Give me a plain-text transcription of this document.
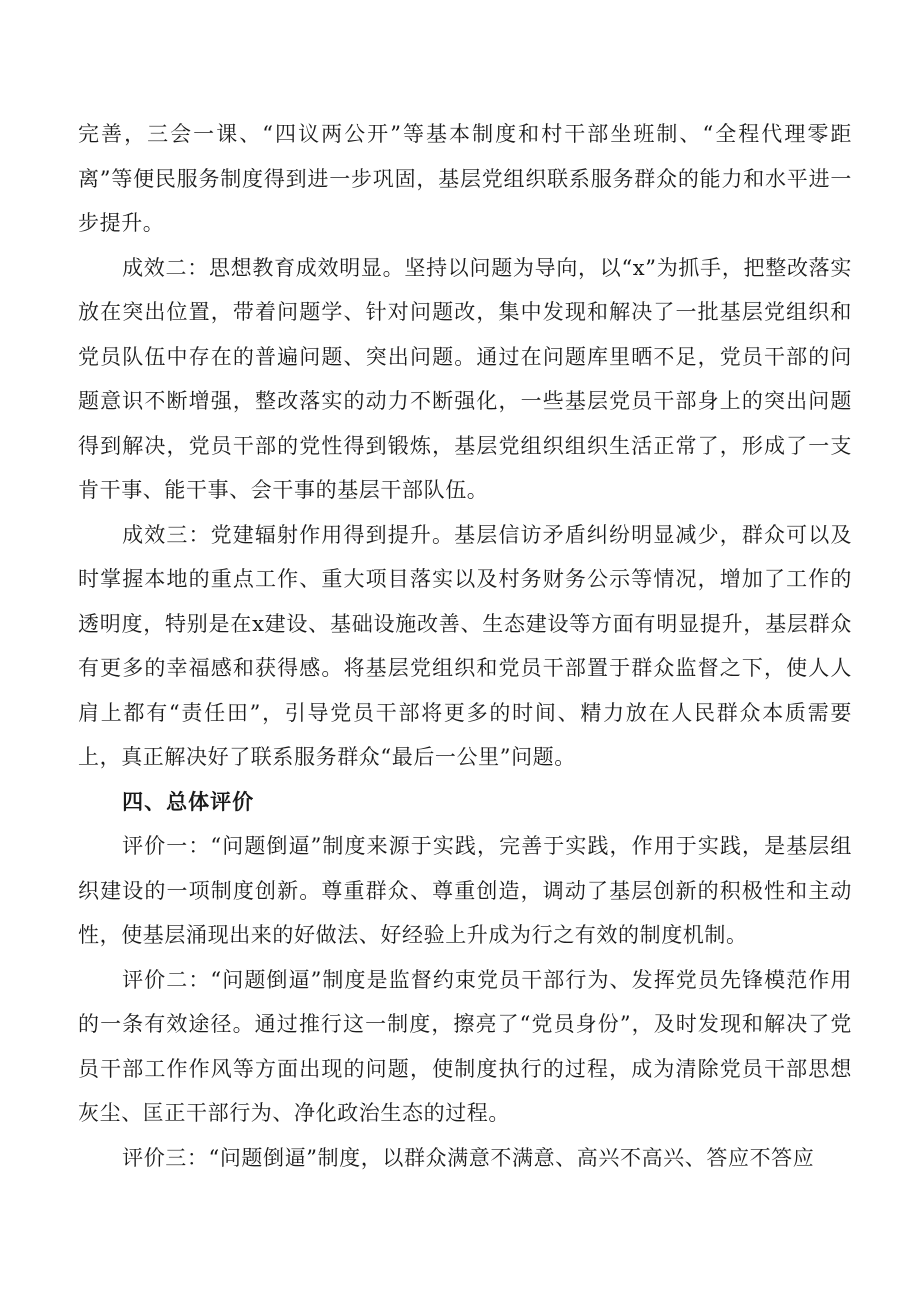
完善，三会一课、“四议两公开”等基本制度和村干部坐班制、“全程代理零距离”等便民服务制度得到进一步巩固，基层党组织联系服务群众的能力和水平进一步提升。

成效二：思想教育成效明显。坚持以问题为导向，以“x”为抓手，把整改落实放在突出位置，带着问题学、针对问题改，集中发现和解决了一批基层党组织和党员队伍中存在的普遍问题、突出问题。通过在问题库里晒不足，党员干部的问题意识不断增强，整改落实的动力不断强化，一些基层党员干部身上的突出问题得到解决，党员干部的党性得到锻炼，基层党组织组织生活正常了，形成了一支肯干事、能干事、会干事的基层干部队伍。

成效三：党建辐射作用得到提升。基层信访矛盾纠纷明显减少，群众可以及时掌握本地的重点工作、重大项目落实以及村务财务公示等情况，增加了工作的透明度，特别是在x建设、基础设施改善、生态建设等方面有明显提升，基层群众有更多的幸福感和获得感。将基层党组织和党员干部置于群众监督之下，使人人肩上都有“责任田”，引导党员干部将更多的时间、精力放在人民群众本质需要上，真正解决好了联系服务群众“最后一公里”问题。

四、总体评价

评价一：“问题倒逼”制度来源于实践，完善于实践，作用于实践，是基层组织建设的一项制度创新。尊重群众、尊重创造，调动了基层创新的积极性和主动性，使基层涌现出来的好做法、好经验上升成为行之有效的制度机制。

评价二：“问题倒逼”制度是监督约束党员干部行为、发挥党员先锋模范作用的一条有效途径。通过推行这一制度，擦亮了“党员身份”，及时发现和解决了党员干部工作作风等方面出现的问题，使制度执行的过程，成为清除党员干部思想灰尘、匡正干部行为、净化政治生态的过程。

评价三：“问题倒逼”制度，以群众满意不满意、高兴不高兴、答应不答应
